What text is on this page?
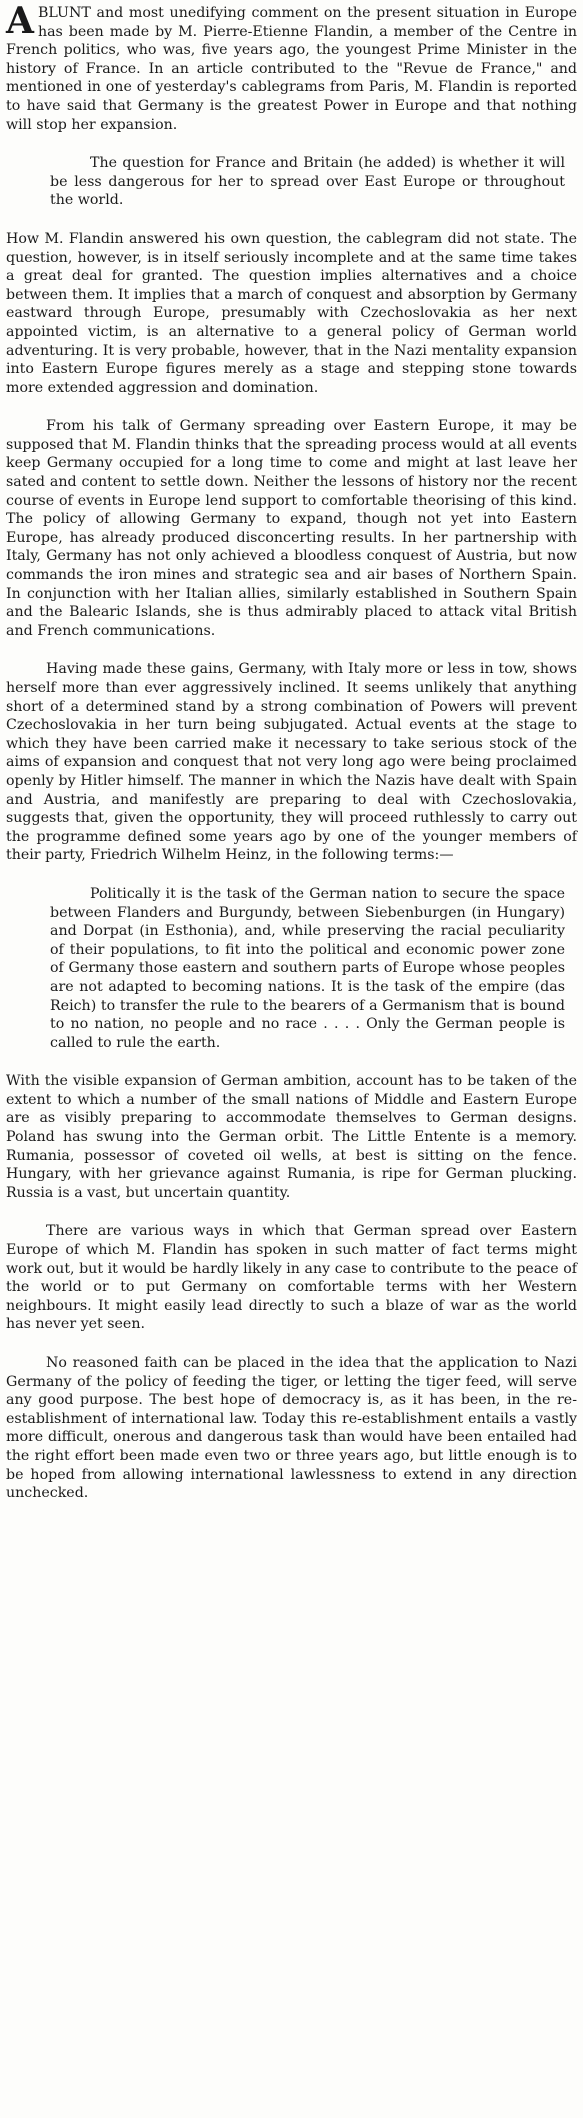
ABLUNT and most unedifying comment on the present situation in Europe has been made by M. Pierre-Etienne Flandin, a member of the Centre in French politics, who was, five years ago, the youngest Prime Minister in the history of France. In an article contributed to the "Revue de France," and mentioned in one of yesterday's cablegrams from Paris, M. Flandin is reported to have said that Germany is the greatest Power in Europe and that nothing will stop her expansion.

The question for France and Britain (he added) is whether it will be less dangerous for her to spread over East Europe or throughout the world.

How M. Flandin answered his own question, the cablegram did not state. The question, however, is in itself seriously incomplete and at the same time takes a great deal for granted. The question implies alternatives and a choice between them. It implies that a march of conquest and absorption by Germany eastward through Europe, presumably with Czechoslovakia as her next appointed victim, is an alternative to a general policy of German world adventuring. It is very probable, however, that in the Nazi mentality expansion into Eastern Europe figures merely as a stage and stepping stone towards more extended aggression and domination.

From his talk of Germany spreading over Eastern Europe, it may be supposed that M. Flandin thinks that the spreading process would at all events keep Germany occupied for a long time to come and might at last leave her sated and content to settle down. Neither the lessons of history nor the recent course of events in Europe lend support to comfortable theorising of this kind. The policy of allowing Germany to expand, though not yet into Eastern Europe, has already produced disconcerting results. In her partnership with Italy, Germany has not only achieved a bloodless conquest of Austria, but now commands the iron mines and strategic sea and air bases of Northern Spain. In conjunction with her Italian allies, similarly established in Southern Spain and the Balearic Islands, she is thus admirably placed to attack vital British and French communications.

Having made these gains, Germany, with Italy more or less in tow, shows herself more than ever aggressively inclined. It seems unlikely that anything short of a determined stand by a strong combination of Powers will prevent Czechoslovakia in her turn being subjugated. Actual events at the stage to which they have been carried make it necessary to take serious stock of the aims of expansion and conquest that not very long ago were being proclaimed openly by Hitler himself. The manner in which the Nazis have dealt with Spain and Austria, and manifestly are preparing to deal with Czechoslovakia, suggests that, given the opportunity, they will proceed ruthlessly to carry out the programme defined some years ago by one of the younger members of their party, Friedrich Wilhelm Heinz, in the following terms:—

Politically it is the task of the German nation to secure the space between Flanders and Burgundy, between Siebenburgen (in Hungary) and Dorpat (in Esthonia), and, while preserving the racial peculiarity of their populations, to fit into the political and economic power zone of Germany those eastern and southern parts of Europe whose peoples are not adapted to becoming nations. It is the task of the empire (das Reich) to transfer the rule to the bearers of a Germanism that is bound to no nation, no people and no race . . . . Only the German people is called to rule the earth.

With the visible expansion of German ambition, account has to be taken of the extent to which a number of the small nations of Middle and Eastern Europe are as visibly preparing to accommodate themselves to German designs. Poland has swung into the German orbit. The Little Entente is a memory. Rumania, possessor of coveted oil wells, at best is sitting on the fence. Hungary, with her grievance against Rumania, is ripe for German plucking. Russia is a vast, but uncertain quantity.

There are various ways in which that German spread over Eastern Europe of which M. Flandin has spoken in such matter of fact terms might work out, but it would be hardly likely in any case to contribute to the peace of the world or to put Germany on comfortable terms with her Western neighbours. It might easily lead directly to such a blaze of war as the world has never yet seen.

No reasoned faith can be placed in the idea that the application to Nazi Germany of the policy of feeding the tiger, or letting the tiger feed, will serve any good purpose. The best hope of democracy is, as it has been, in the re-establishment of international law. Today this re-establishment entails a vastly more difficult, onerous and dangerous task than would have been entailed had the right effort been made even two or three years ago, but little enough is to be hoped from allowing international lawlessness to extend in any direction unchecked.
